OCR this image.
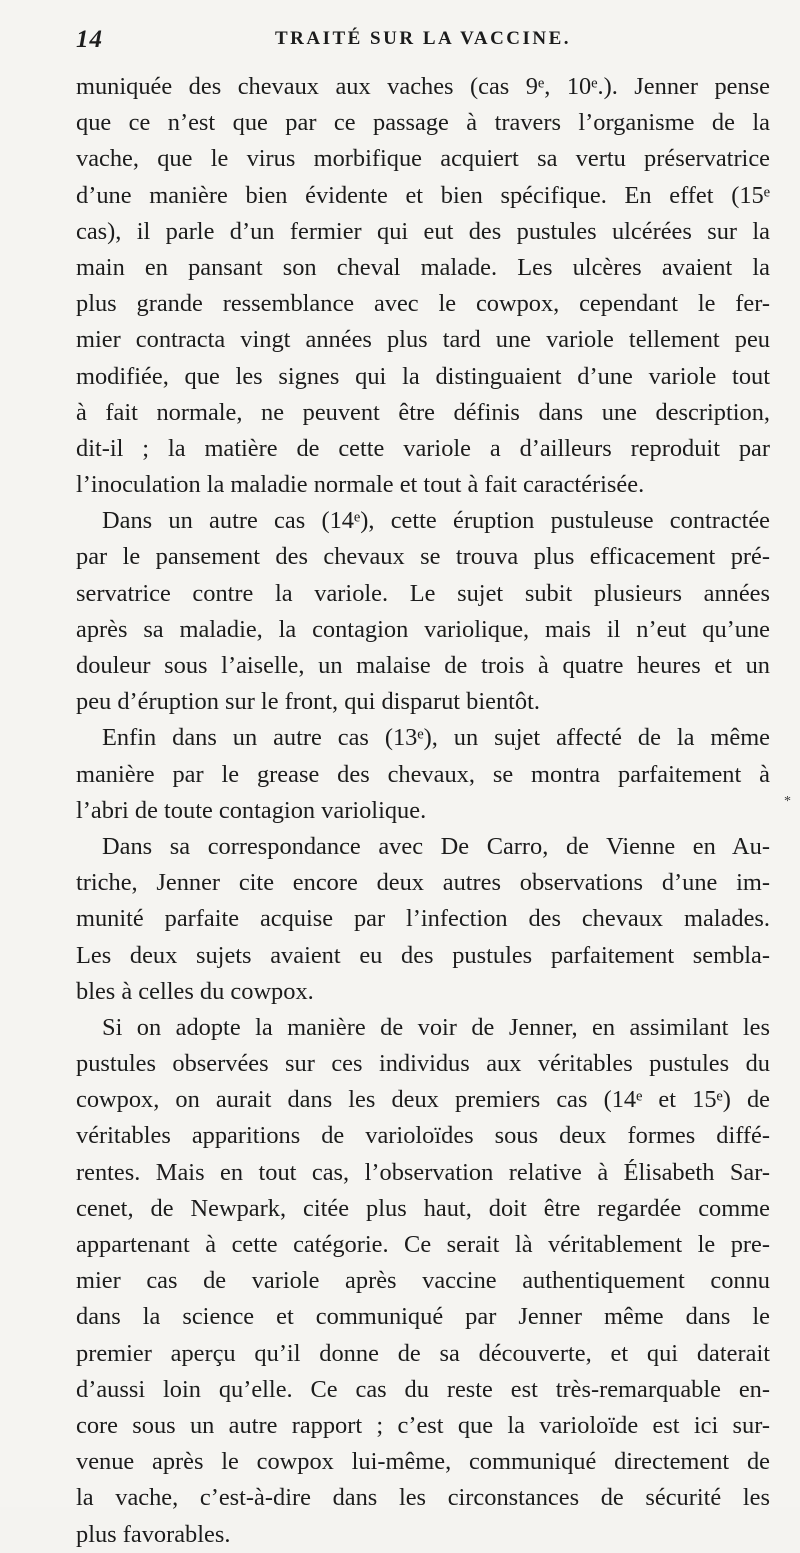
14	TRAITÉ SUR LA VACCINE.
muniquée des chevaux aux vaches (cas 9ᵉ, 10ᵉ.). Jenner pense
que ce n’est que par ce passage à travers l’organisme de la
vache, que le virus morbifique acquiert sa vertu préservatrice
d’une manière bien évidente et bien spécifique. En effet (15ᵉ
cas), il parle d’un fermier qui eut des pustules ulcérées sur la
main en pansant son cheval malade. Les ulcères avaient la
plus grande ressemblance avec le cowpox, cependant le fer-
mier contracta vingt années plus tard une variole tellement peu
modifiée, que les signes qui la distinguaient d’une variole tout
à fait normale, ne peuvent être définis dans une description,
dit-il ; la matière de cette variole a d’ailleurs reproduit par
l’inoculation la maladie normale et tout à fait caractérisée.
Dans un autre cas (14ᵉ), cette éruption pustuleuse contractée
par le pansement des chevaux se trouva plus efficacement pré-
servatrice contre la variole. Le sujet subit plusieurs années
après sa maladie, la contagion variolique, mais il n’eut qu’une
douleur sous l’aiselle, un malaise de trois à quatre heures et un
peu d’éruption sur le front, qui disparut bientôt.
Enfin dans un autre cas (13ᵉ), un sujet affecté de la même
manière par le grease des chevaux, se montra parfaitement à
l’abri de toute contagion variolique.
Dans sa correspondance avec De Carro, de Vienne en Au-
triche, Jenner cite encore deux autres observations d’une im-
munité parfaite acquise par l’infection des chevaux malades.
Les deux sujets avaient eu des pustules parfaitement sembla-
bles à celles du cowpox.
Si on adopte la manière de voir de Jenner, en assimilant les
pustules observées sur ces individus aux véritables pustules du
cowpox, on aurait dans les deux premiers cas (14ᵉ et 15ᵉ) de
véritables apparitions de varioloïdes sous deux formes diffé-
rentes. Mais en tout cas, l’observation relative à Élisabeth Sar-
cenet, de Newpark, citée plus haut, doit être regardée comme
appartenant à cette catégorie. Ce serait là véritablement le pre-
mier cas de variole après vaccine authentiquement connu
dans la science et communiqué par Jenner même dans le
premier aperçu qu’il donne de sa découverte, et qui daterait
d’aussi loin qu’elle. Ce cas du reste est très-remarquable en-
core sous un autre rapport ; c’est que la varioloïde est ici sur-
venue après le cowpox lui-même, communiqué directement de
la vache, c’est-à-dire dans les circonstances de sécurité les
plus favorables.
*
